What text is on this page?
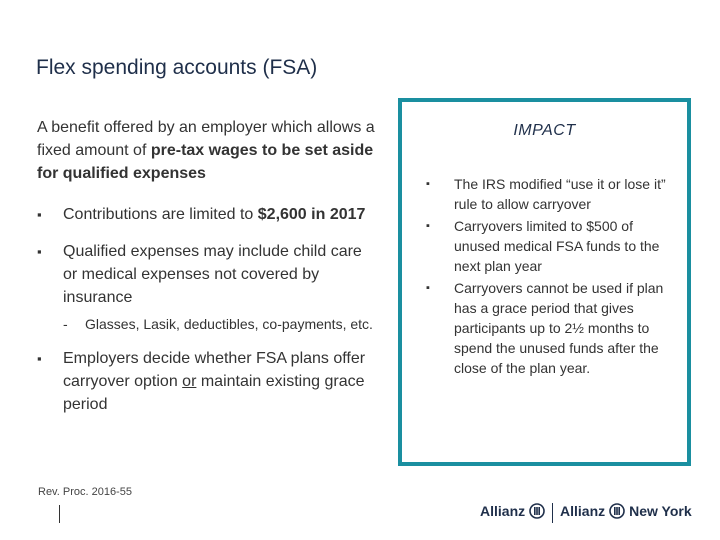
Flex spending accounts (FSA)
A benefit offered by an employer which allows a fixed amount of pre-tax wages to be set aside for qualified expenses
▪ Contributions are limited to $2,600 in 2017
▪ Qualified expenses may include child care or medical expenses not covered by insurance
- Glasses, Lasik, deductibles, co-payments, etc.
▪ Employers decide whether FSA plans offer carryover option or maintain existing grace period
IMPACT
▪ The IRS modified “use it or lose it” rule to allow carryover
▪ Carryovers limited to $500 of unused medical FSA funds to the next plan year
▪ Carryovers cannot be used if plan has a grace period that gives participants up to 2½ months to spend the unused funds after the close of the plan year.
Rev. Proc. 2016-55
Allianz Allianz New York
